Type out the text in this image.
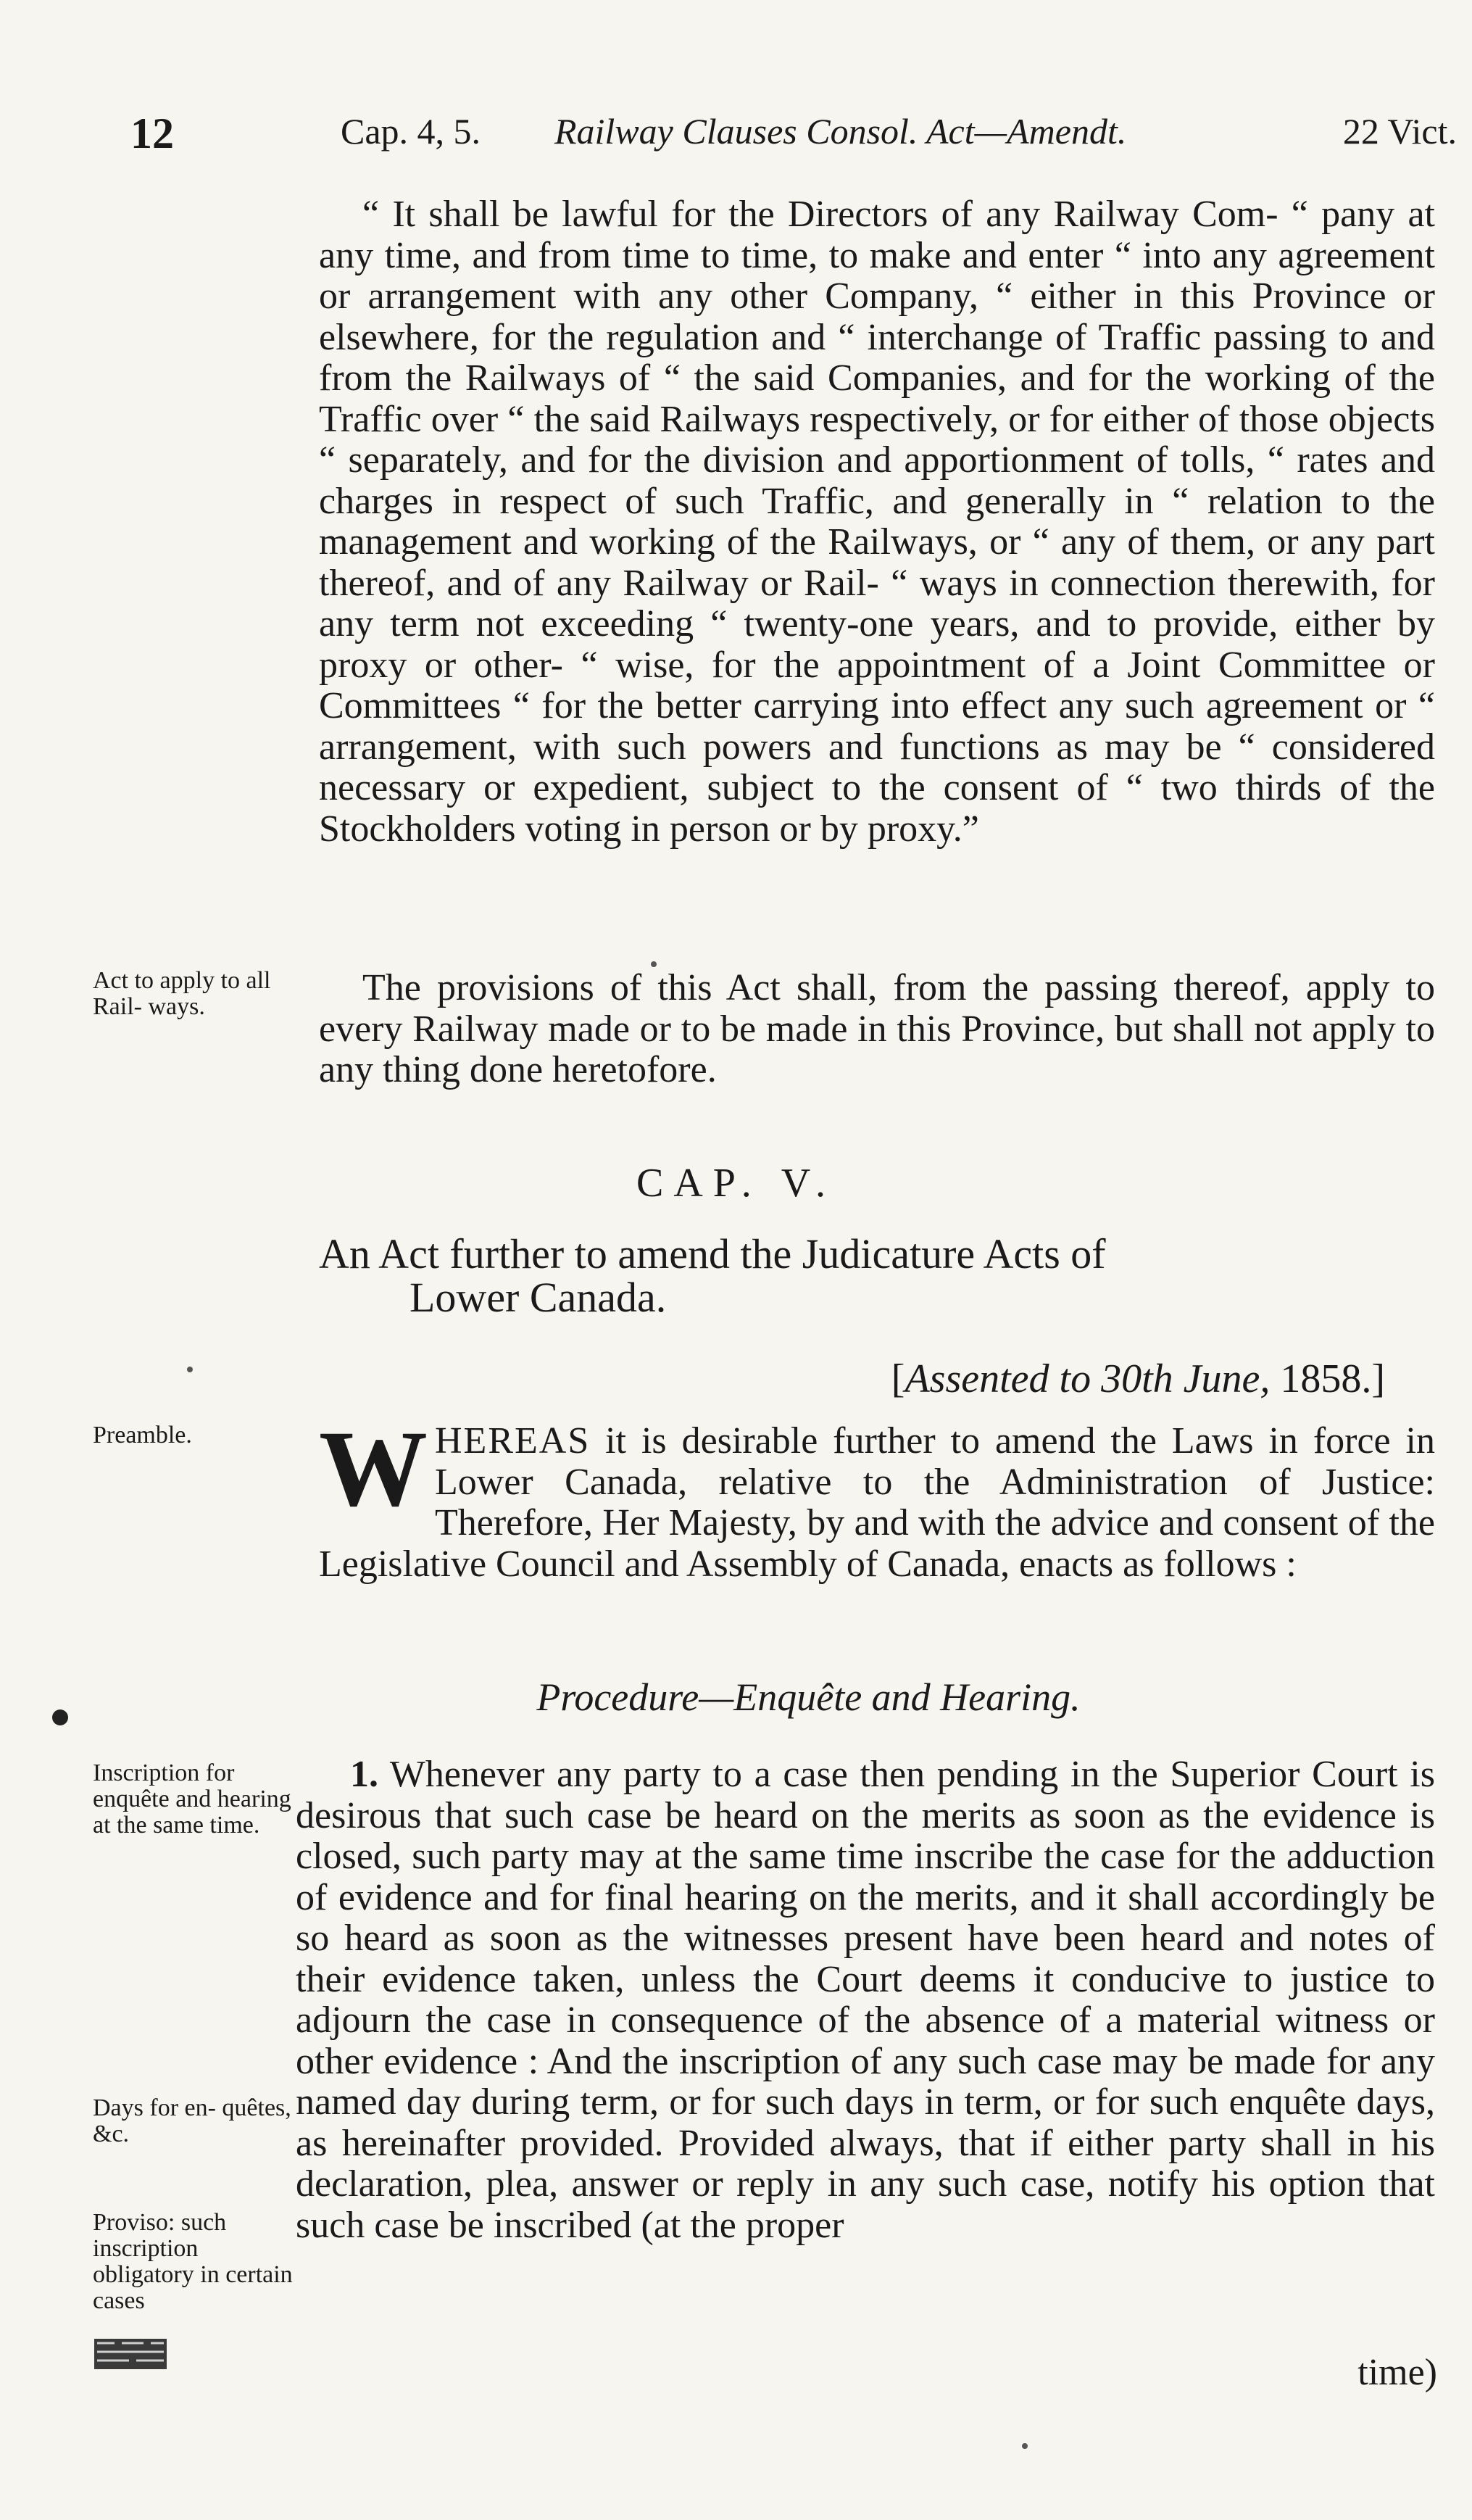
12	Cap. 4, 5. Railway Clauses Consol. Act—Amendt.	22 Vict.

“ It shall be lawful for the Directors of any Railway Com- “ pany at any time, and from time to time, to make and enter “ into any agreement or arrangement with any other Company, “ either in this Province or elsewhere, for the regulation and “ interchange of Traffic passing to and from the Railways of “ the said Companies, and for the working of the Traffic over “ the said Railways respectively, or for either of those objects “ separately, and for the division and apportionment of tolls, “ rates and charges in respect of such Traffic, and generally in “ relation to the management and working of the Railways, or “ any of them, or any part thereof, and of any Railway or Rail- “ ways in connection therewith, for any term not exceeding “ twenty-one years, and to provide, either by proxy or other- “ wise, for the appointment of a Joint Committee or Committees “ for the better carrying into effect any such agreement or “ arrangement, with such powers and functions as may be “ considered necessary or expedient, subject to the consent of “ two thirds of the Stockholders voting in person or by proxy.”

Act to apply to all Rail- ways.	The provisions of this Act shall, from the passing thereof, apply to every Railway made or to be made in this Province, but shall not apply to any thing done heretofore.
CAP. V.
An Act further to amend the Judicature Acts of
Lower Canada.
[Assented to 30th June, 1858.]
Preamble.	WHEREAS it is desirable further to amend the Laws in force in Lower Canada, relative to the Administration of Justice: Therefore, Her Majesty, by and with the advice and consent of the Legislative Council and Assembly of Canada, enacts as follows :
Procedure—Enquête and Hearing.
Inscription for enquête and hearing at the same time.
Days for en- quêtes, &c.
Proviso: such inscription obligatory in certain cases
1. Whenever any party to a case then pending in the Superior Court is desirous that such case be heard on the merits as soon as the evidence is closed, such party may at the same time inscribe the case for the adduction of evidence and for final hearing on the merits, and it shall accordingly be so heard as soon as the witnesses present have been heard and notes of their evidence taken, unless the Court deems it conducive to justice to adjourn the case in consequence of the absence of a material witness or other evidence : And the inscription of any such case may be made for any named day during term, or for such days in term, or for such enquête days, as hereinafter provided. Provided always, that if either party shall in his declaration, plea, answer or reply in any such case, notify his option that such case be inscribed (at the proper
time)
